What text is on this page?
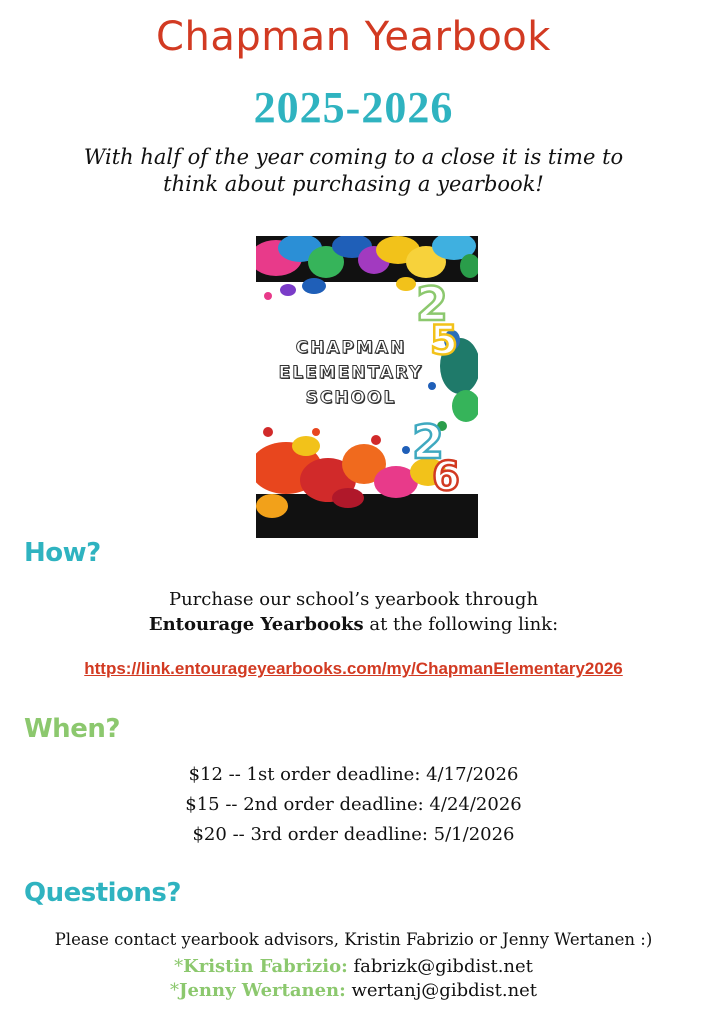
Chapman Yearbook
2025-2026
With half of the year coming to a close it is time to
think about purchasing a yearbook!
2
5
2
6
CHAPMAN
ELEMENTARY
SCHOOL
How?
Purchase our school’s yearbook through
Entourage Yearbooks at the following link:
https://link.entourageyearbooks.com/my/ChapmanElementary2026
When?
$12 -- 1st order deadline: 4/17/2026
$15 -- 2nd order deadline: 4/24/2026
$20 -- 3rd order deadline: 5/1/2026
Questions?
Please contact yearbook advisors, Kristin Fabrizio or Jenny Wertanen :)
*Kristin Fabrizio: fabrizk@gibdist.net
*Jenny Wertanen: wertanj@gibdist.net
